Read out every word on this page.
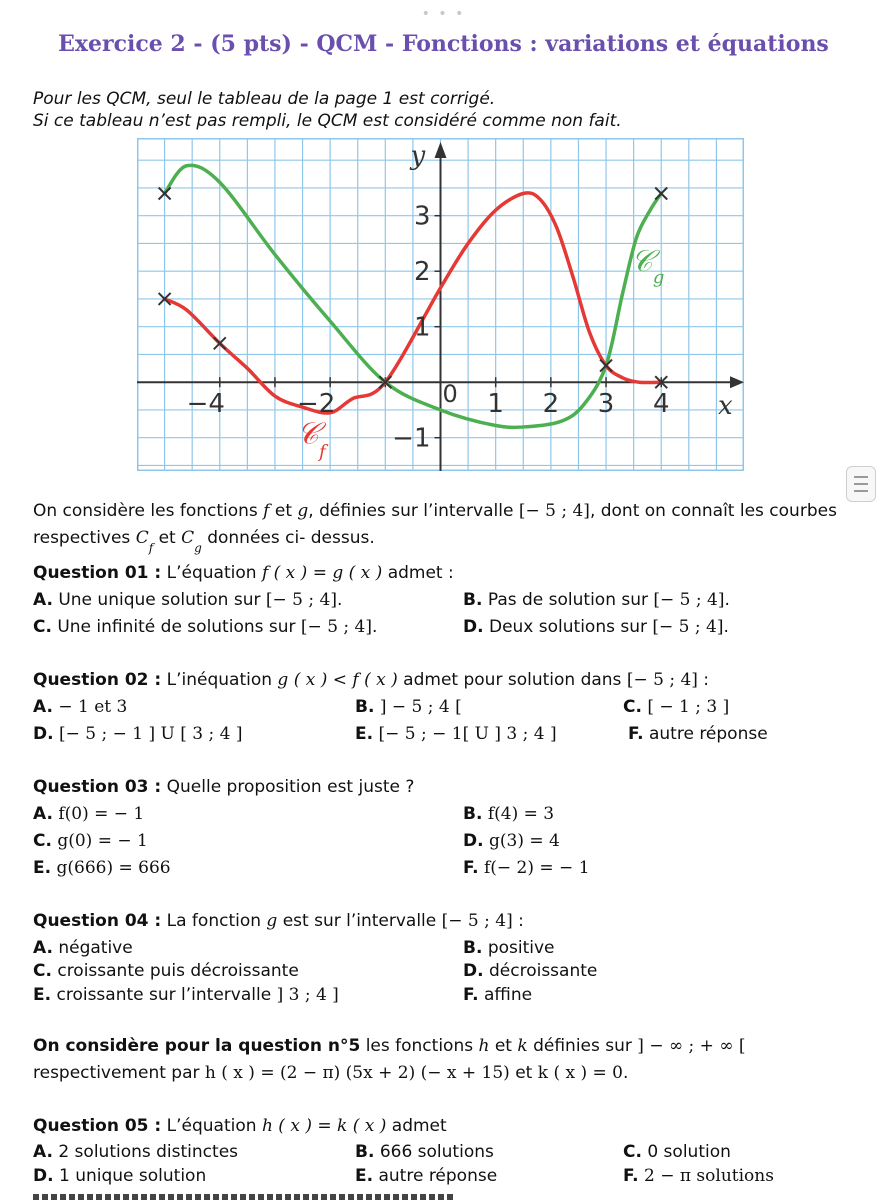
• • •
Exercice 2 - (5 pts) - QCM - Fonctions : variations et équations
Pour les QCM, seul le tableau de la page 1 est corrigé.
Si ce tableau n’est pas rempli, le QCM est considéré comme non fait.
−4	−2	1 2 3 4
3
2
1
−1
0	x
y
𝒞 g
𝒞
f
On considère les fonctions f et g, définies sur l’intervalle [− 5 ; 4], dont on connaît les courbes
respectives $C_f$ et $C_g$ données ci- dessus.
Question 01 : L’équation f ( x ) = g ( x ) admet :
A. Une unique solution sur [− 5 ; 4].	B. Pas de solution sur [− 5 ; 4].
C. Une infinité de solutions sur [− 5 ; 4].	D. Deux solutions sur [− 5 ; 4].
Question 02 : L’inéquation g ( x ) < f ( x ) admet pour solution dans [− 5 ; 4] :
A. − 1 et 3	B. ] − 5 ; 4 [	C. [ − 1 ; 3 ]
D. [− 5 ; − 1 ] U [ 3 ; 4 ]	E. [− 5 ; − 1[ U ] 3 ; 4 ]	F. autre réponse
Question 03 : Quelle proposition est juste ?
A. f(0) = − 1	B. f(4) = 3
C. g(0) = − 1	D. g(3) = 4
E. g(666) = 666	F. f(− 2) = − 1
Question 04 : La fonction g est sur l’intervalle [− 5 ; 4] :
A. négative	B. positive
C. croissante puis décroissante	D. décroissante
E. croissante sur l’intervalle ] 3 ; 4 ]	F. affine
On considère pour la question n°5 les fonctions h et k définies sur ] − ∞ ; + ∞ [
respectivement par h ( x ) = (2 − π) (5x + 2) (− x + 15) et k ( x ) = 0.
Question 05 : L’équation h ( x ) = k ( x ) admet
A. 2 solutions distinctes	B. 666 solutions	C. 0 solution
D. 1 unique solution	E. autre réponse	F. 2 − π solutions
